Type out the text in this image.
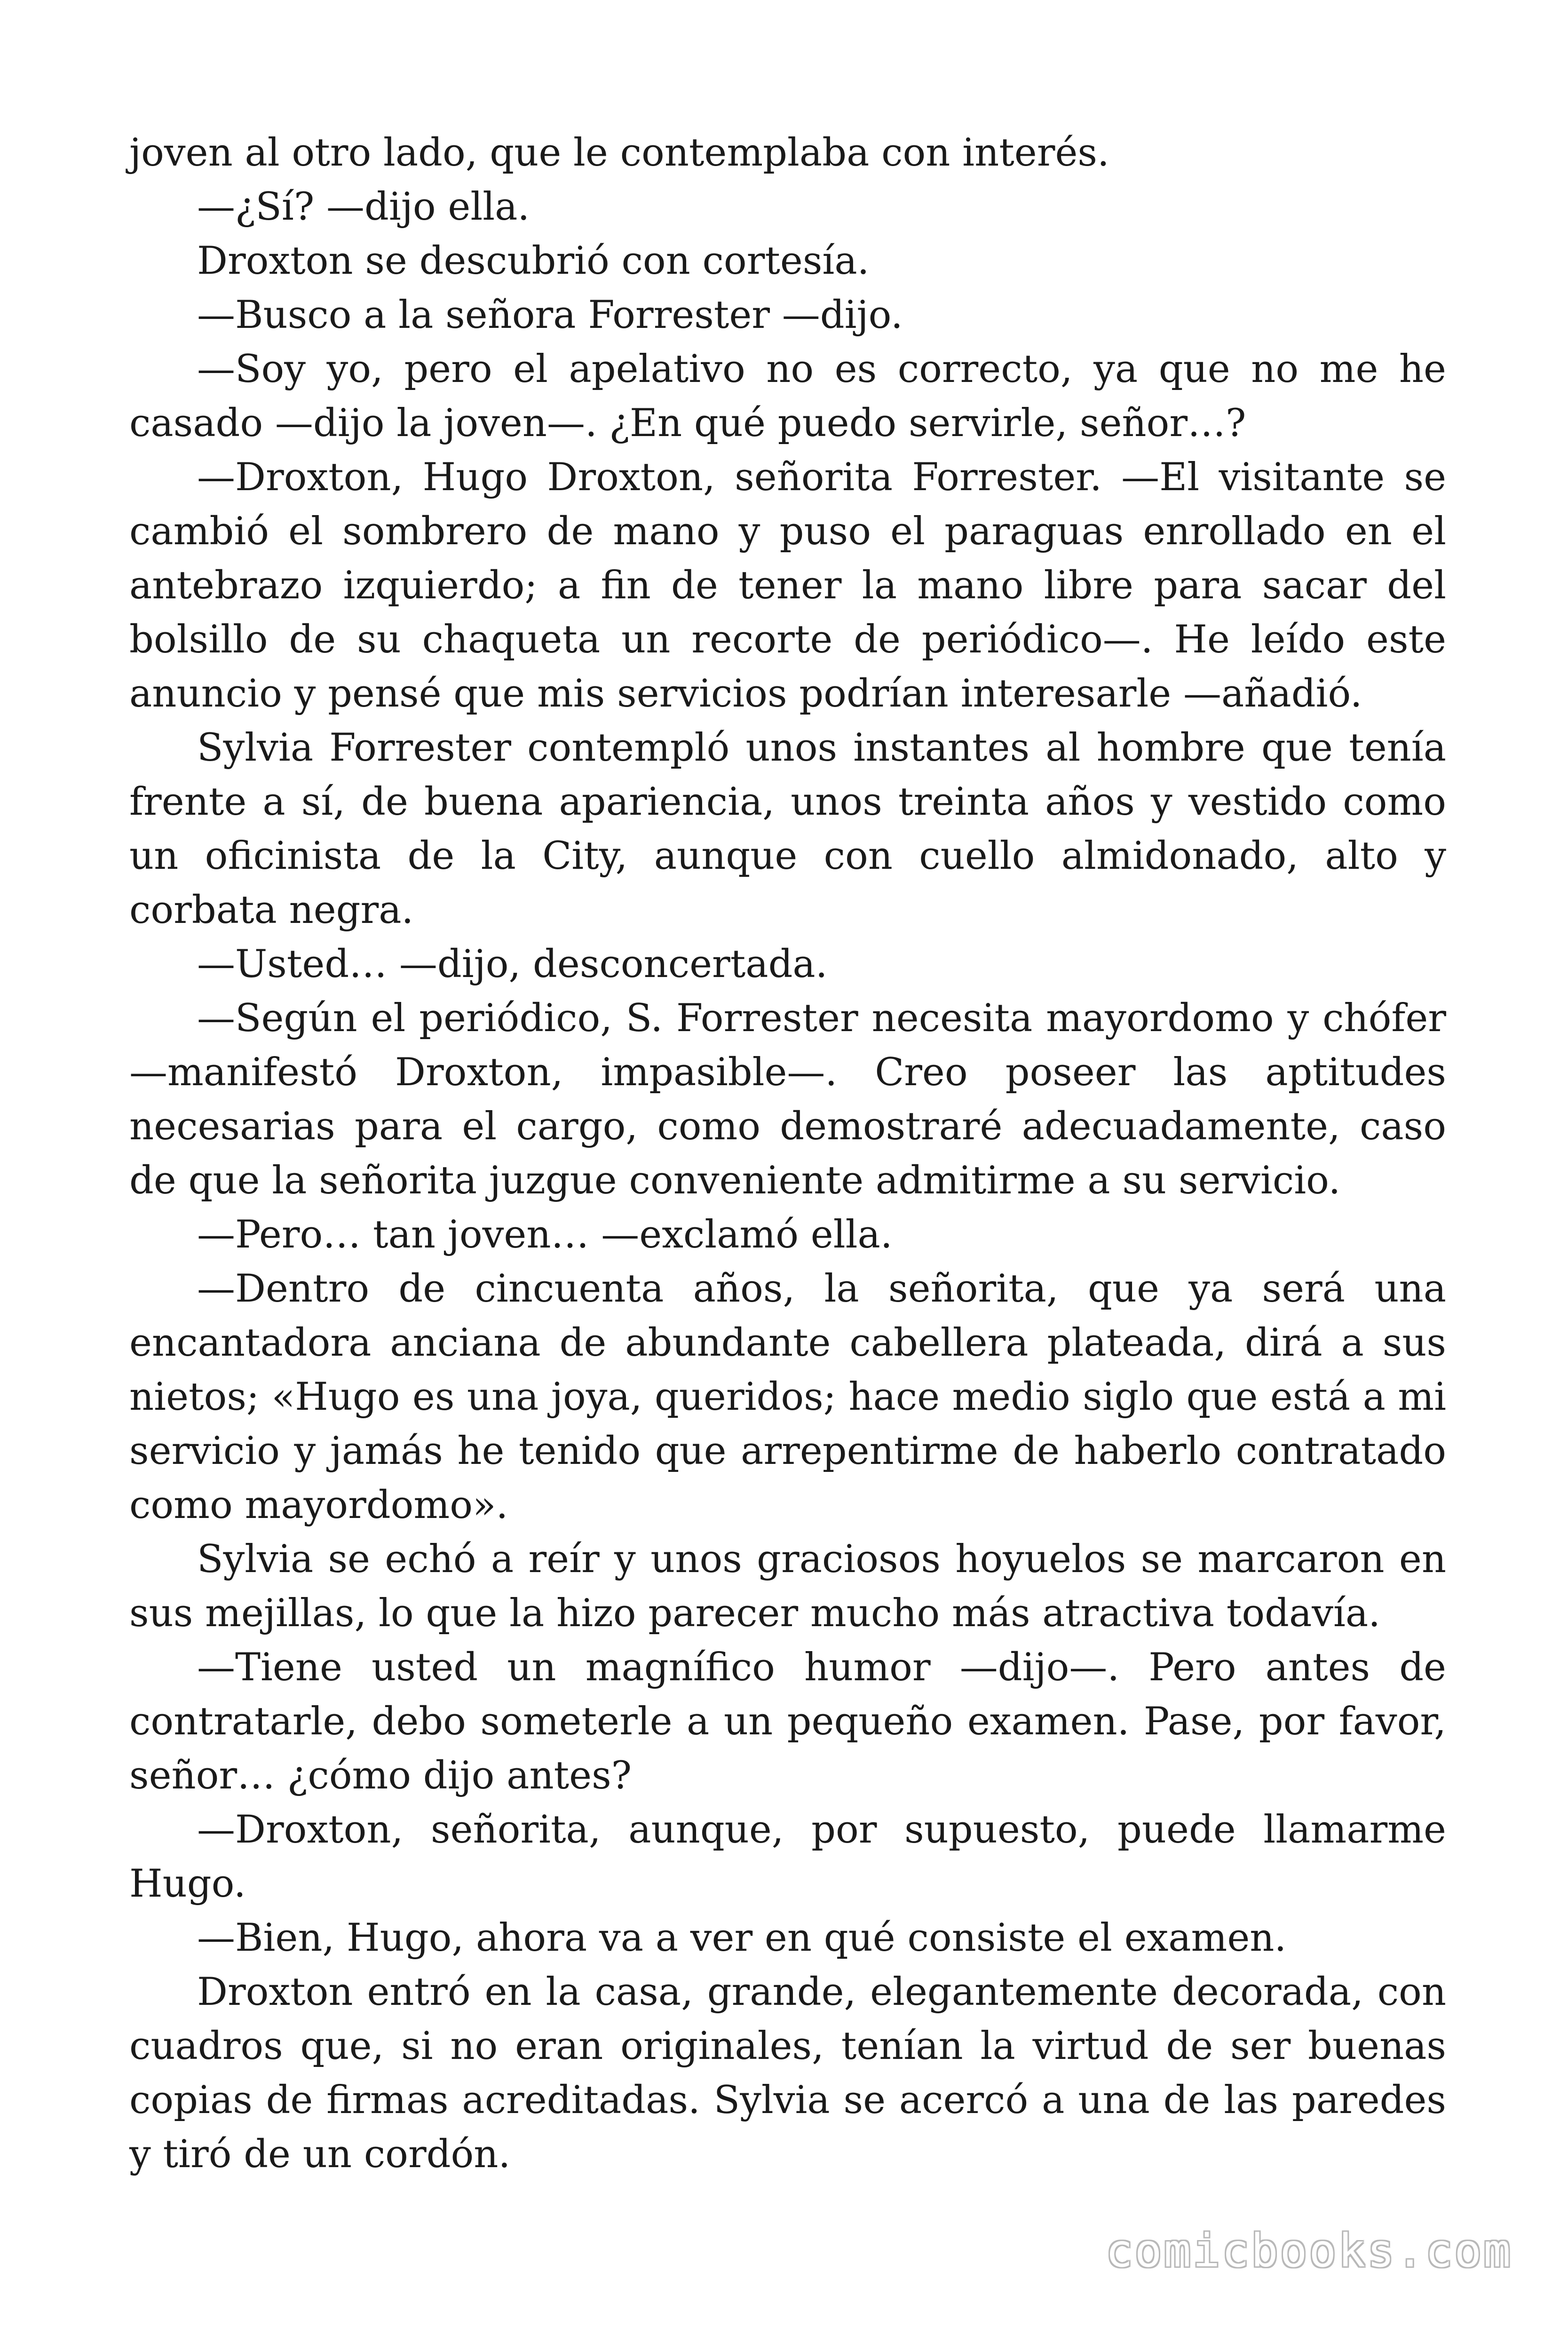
joven al otro lado, que le contemplaba con interés.

—¿Sí? —dijo ella.

Droxton se descubrió con cortesía.

—Busco a la señora Forrester —dijo.

—Soy yo, pero el apelativo no es correcto, ya que no me he casado —dijo la joven—. ¿En qué puedo servirle, señor…?

—Droxton, Hugo Droxton, señorita Forrester. —El visitante se cambió el sombrero de mano y puso el paraguas enrollado en el antebrazo izquierdo; a fin de tener la mano libre para sacar del bolsillo de su chaqueta un recorte de periódico—. He leído este anuncio y pensé que mis servicios podrían interesarle —añadió.

Sylvia Forrester contempló unos instantes al hombre que tenía frente a sí, de buena apariencia, unos treinta años y vestido como un oficinista de la City, aunque con cuello almidonado, alto y corbata negra.

—Usted… —dijo, desconcertada.

—Según el periódico, S. Forrester necesita mayordomo y chófer —manifestó Droxton, impasible—. Creo poseer las aptitudes necesarias para el cargo, como demostraré adecuadamente, caso de que la señorita juzgue conveniente admitirme a su servicio.

—Pero… tan joven… —exclamó ella.

—Dentro de cincuenta años, la señorita, que ya será una encantadora anciana de abundante cabellera plateada, dirá a sus nietos; «Hugo es una joya, queridos; hace medio siglo que está a mi servicio y jamás he tenido que arrepentirme de haberlo contratado como mayordomo».

Sylvia se echó a reír y unos graciosos hoyuelos se marcaron en sus mejillas, lo que la hizo parecer mucho más atractiva todavía.

—Tiene usted un magnífico humor —dijo—. Pero antes de contratarle, debo someterle a un pequeño examen. Pase, por favor, señor… ¿cómo dijo antes?

—Droxton, señorita, aunque, por supuesto, puede llamarme Hugo.

—Bien, Hugo, ahora va a ver en qué consiste el examen.

Droxton entró en la casa, grande, elegantemente decorada, con cuadros que, si no eran originales, tenían la virtud de ser buenas copias de firmas acreditadas. Sylvia se acercó a una de las paredes y tiró de un cordón.

comicbooks.com
